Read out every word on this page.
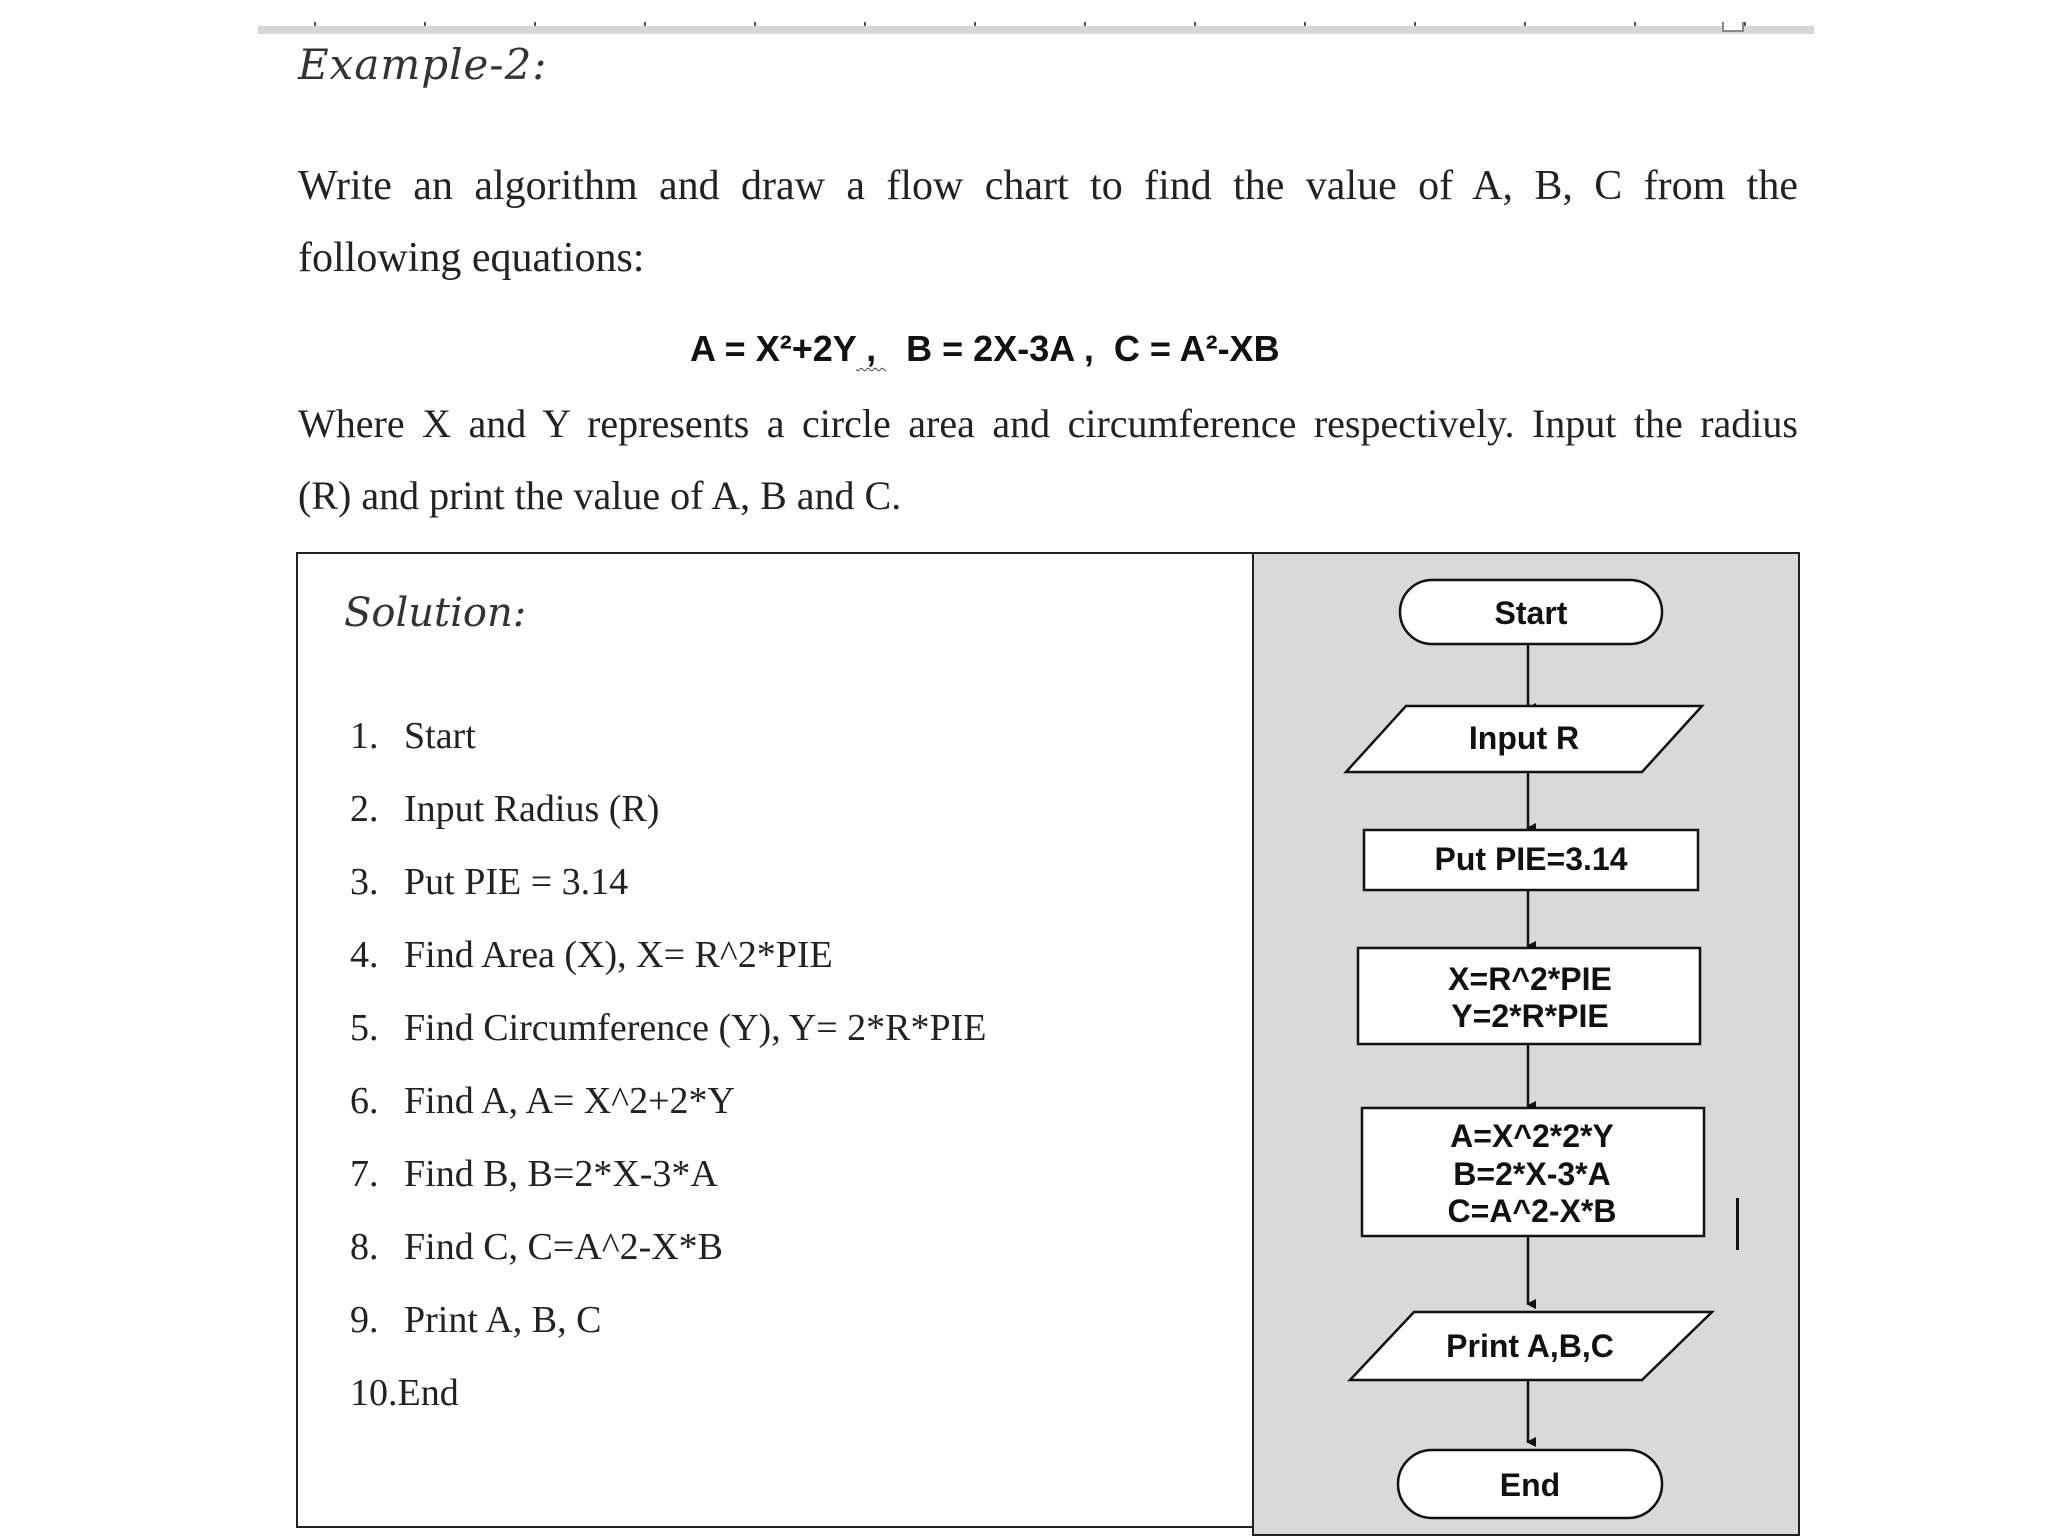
Example-2:
Write an algorithm and draw a flow chart to find the value of A, B, C from the
following equations:
A = X²+2Y ,   B = 2X-3A ,  C = A²-XB
Where X and Y represents a circle area and circumference respectively. Input the radius
(R) and print the value of A, B and C.
Solution:
1. Start
2. Input Radius (R)
3. Put PIE = 3.14
4. Find Area (X), X= R^2*PIE
5. Find Circumference (Y), Y= 2*R*PIE
6. Find A, A= X^2+2*Y
7. Find B, B=2*X-3*A
8. Find C, C=A^2-X*B
9. Print A, B, C
10.End
Start
Input R
Put PIE=3.14
X=R^2*PIE
Y=2*R*PIE
A=X^2*2*Y
B=2*X-3*A
C=A^2-X*B
Print A,B,C
End
